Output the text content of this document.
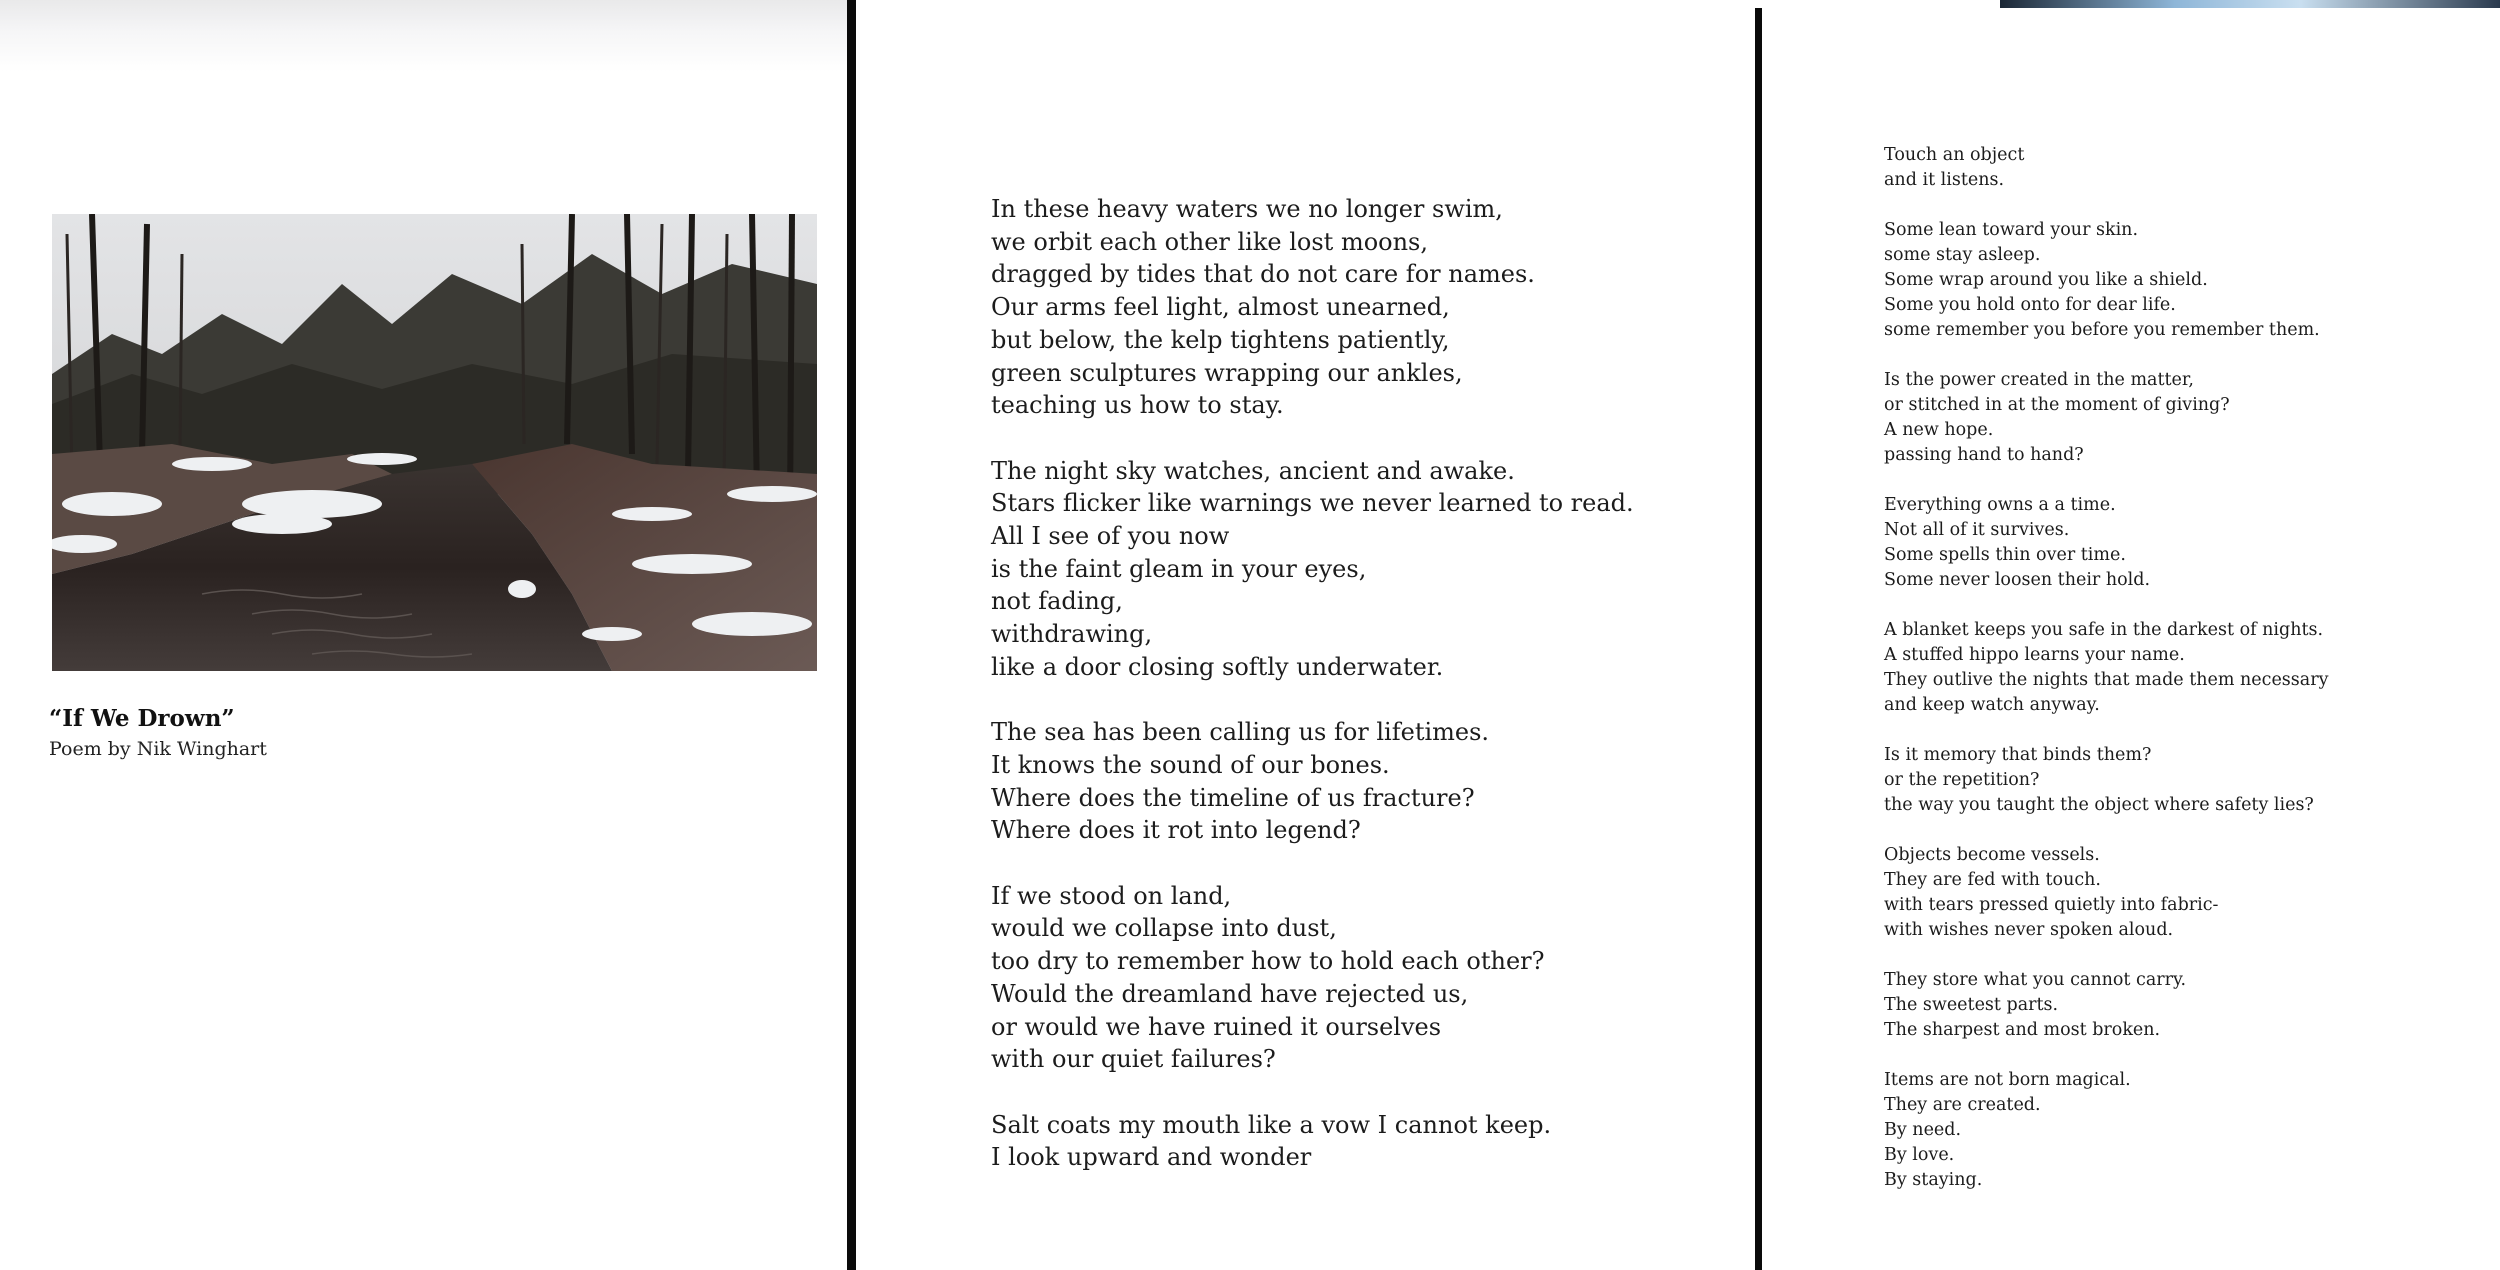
“If We Drown”
Poem by Nik Winghart
In these heavy waters we no longer swim,
we orbit each other like lost moons,
dragged by tides that do not care for names.
Our arms feel light, almost unearned,
but below, the kelp tightens patiently,
green sculptures wrapping our ankles,
teaching us how to stay.
The night sky watches, ancient and awake.
Stars flicker like warnings we never learned to read.
All I see of you now
is the faint gleam in your eyes,
not fading,
withdrawing,
like a door closing softly underwater.
The sea has been calling us for lifetimes.
It knows the sound of our bones.
Where does the timeline of us fracture?
Where does it rot into legend?
If we stood on land,
would we collapse into dust,
too dry to remember how to hold each other?
Would the dreamland have rejected us,
or would we have ruined it ourselves
with our quiet failures?
Salt coats my mouth like a vow I cannot keep.
I look upward and wonder
Touch an object
and it listens.
Some lean toward your skin.
some stay asleep.
Some wrap around you like a shield.
Some you hold onto for dear life.
some remember you before you remember them.
Is the power created in the matter,
or stitched in at the moment of giving?
A new hope.
passing hand to hand?
Everything owns a a time.
Not all of it survives.
Some spells thin over time.
Some never loosen their hold.
A blanket keeps you safe in the darkest of nights.
A stuffed hippo learns your name.
They outlive the nights that made them necessary
and keep watch anyway.
Is it memory that binds them?
or the repetition?
the way you taught the object where safety lies?
Objects become vessels.
They are fed with touch.
with tears pressed quietly into fabric-
with wishes never spoken aloud.
They store what you cannot carry.
The sweetest parts.
The sharpest and most broken.
Items are not born magical.
They are created.
By need.
By love.
By staying.
